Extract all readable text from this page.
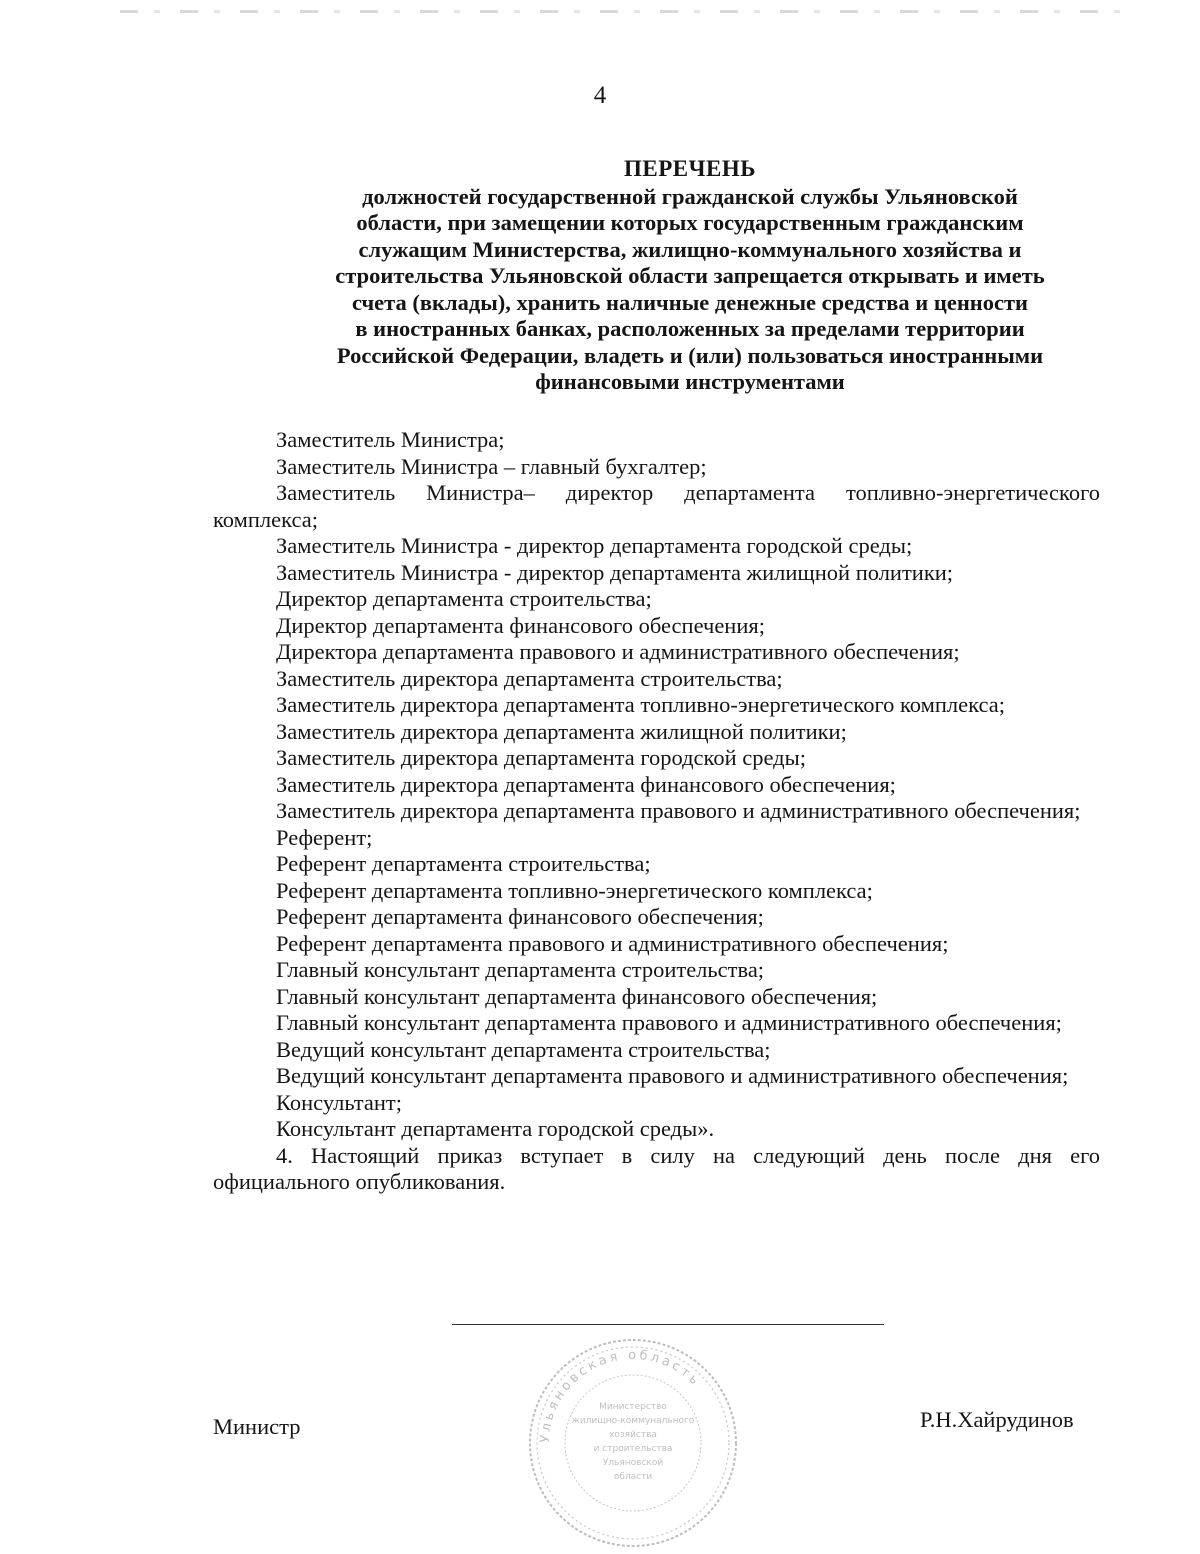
4
ПЕРЕЧЕНЬ
должностей государственной гражданской службы Ульяновской
области, при замещении которых государственным гражданским
служащим Министерства, жилищно-коммунального хозяйства и
строительства Ульяновской области запрещается открывать и иметь
счета (вклады), хранить наличные денежные средства и ценности
в иностранных банках, расположенных за пределами территории
Российской Федерации, владеть и (или) пользоваться иностранными
финансовыми инструментами
Заместитель Министра;
Заместитель Министра – главный бухгалтер;
Заместитель Министра– директор департамента топливно-энергетического комплекса;
Заместитель Министра - директор департамента городской среды;
Заместитель Министра - директор департамента жилищной политики;
Директор департамента строительства;
Директор департамента финансового обеспечения;
Директора департамента правового и административного обеспечения;
Заместитель директора департамента строительства;
Заместитель директора департамента топливно-энергетического комплекса;
Заместитель директора департамента жилищной политики;
Заместитель директора департамента городской среды;
Заместитель директора департамента финансового обеспечения;
Заместитель директора департамента правового и административного обеспечения;
Референт;
Референт департамента строительства;
Референт департамента топливно-энергетического комплекса;
Референт департамента финансового обеспечения;
Референт департамента правового и административного обеспечения;
Главный консультант департамента строительства;
Главный консультант департамента финансового обеспечения;
Главный консультант департамента правового и административного обеспечения;
Ведущий консультант департамента строительства;
Ведущий консультант департамента правового и административного обеспечения;
Консультант;
Консультант департамента городской среды».
4. Настоящий приказ вступает в силу на следующий день после дня его официального опубликования.
Министр	Р.Н.Хайрудинов
Ульяновская область
Министерство
жилищно-коммунального
хозяйства
и строительства
Ульяновской
области
